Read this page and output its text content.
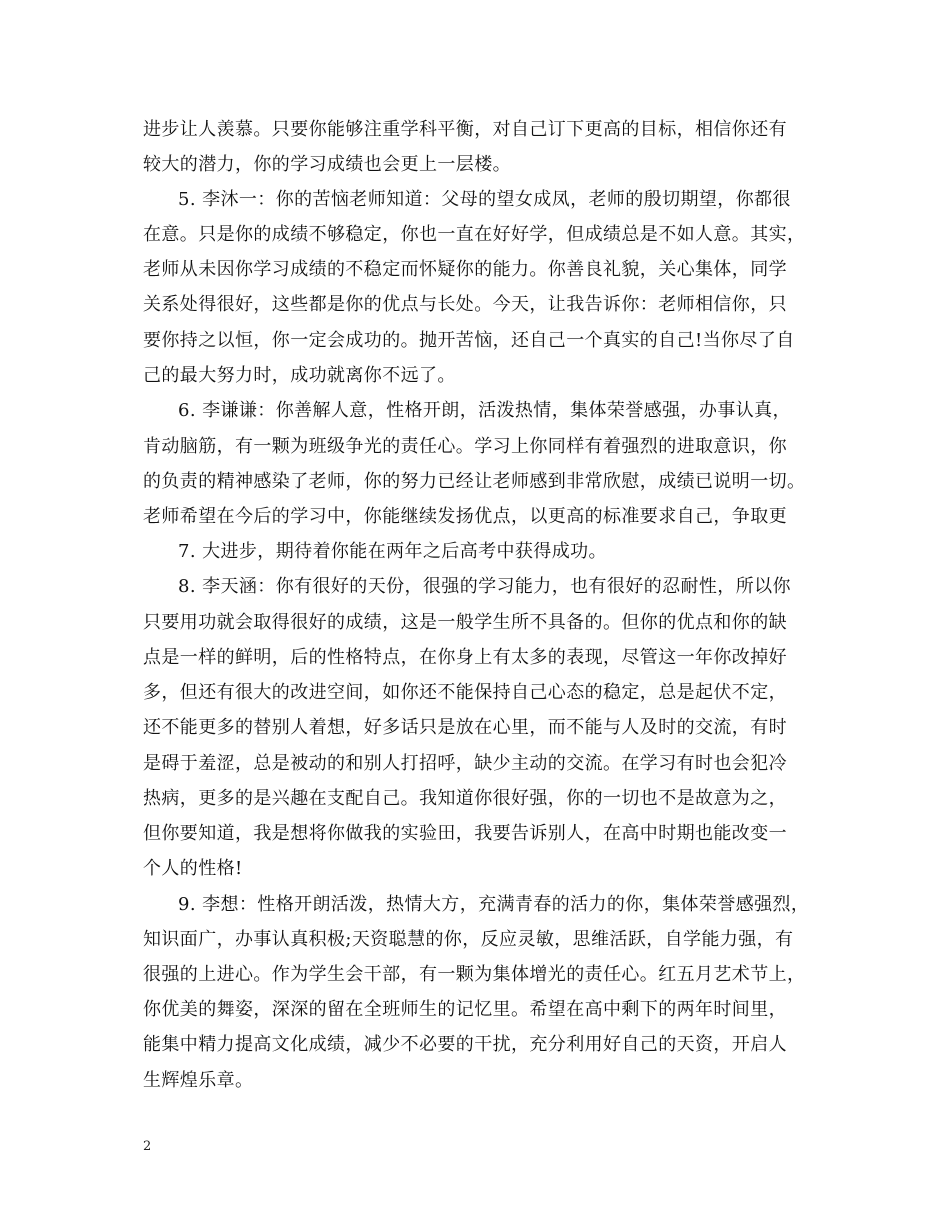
进步让人羡慕。只要你能够注重学科平衡，对自己订下更高的目标，相信你还有
较大的潜力，你的学习成绩也会更上一层楼。
5. 李沐一：你的苦恼老师知道：父母的望女成凤，老师的殷切期望，你都很
在意。只是你的成绩不够稳定，你也一直在好好学，但成绩总是不如人意。其实，
老师从未因你学习成绩的不稳定而怀疑你的能力。你善良礼貌，关心集体，同学
关系处得很好，这些都是你的优点与长处。今天，让我告诉你：老师相信你，只
要你持之以恒，你一定会成功的。抛开苦恼，还自己一个真实的自己!当你尽了自
己的最大努力时，成功就离你不远了。
6. 李谦谦：你善解人意，性格开朗，活泼热情，集体荣誉感强，办事认真，
肯动脑筋，有一颗为班级争光的责任心。学习上你同样有着强烈的进取意识，你
的负责的精神感染了老师，你的努力已经让老师感到非常欣慰，成绩已说明一切。
老师希望在今后的学习中，你能继续发扬优点，以更高的标准要求自己，争取更
7. 大进步，期待着你能在两年之后高考中获得成功。
8. 李天涵：你有很好的天份，很强的学习能力，也有很好的忍耐性，所以你
只要用功就会取得很好的成绩，这是一般学生所不具备的。但你的优点和你的缺
点是一样的鲜明，后的性格特点，在你身上有太多的表现，尽管这一年你改掉好
多，但还有很大的改进空间，如你还不能保持自己心态的稳定，总是起伏不定，
还不能更多的替别人着想，好多话只是放在心里，而不能与人及时的交流，有时
是碍于羞涩，总是被动的和别人打招呼，缺少主动的交流。在学习有时也会犯冷
热病，更多的是兴趣在支配自己。我知道你很好强，你的一切也不是故意为之，
但你要知道，我是想将你做我的实验田，我要告诉别人，在高中时期也能改变一
个人的性格!
9. 李想：性格开朗活泼，热情大方，充满青春的活力的你，集体荣誉感强烈，
知识面广，办事认真积极;天资聪慧的你，反应灵敏，思维活跃，自学能力强，有
很强的上进心。作为学生会干部，有一颗为集体增光的责任心。红五月艺术节上，
你优美的舞姿，深深的留在全班师生的记忆里。希望在高中剩下的两年时间里，
能集中精力提高文化成绩，减少不必要的干扰，充分利用好自己的天资，开启人
生辉煌乐章。
2
